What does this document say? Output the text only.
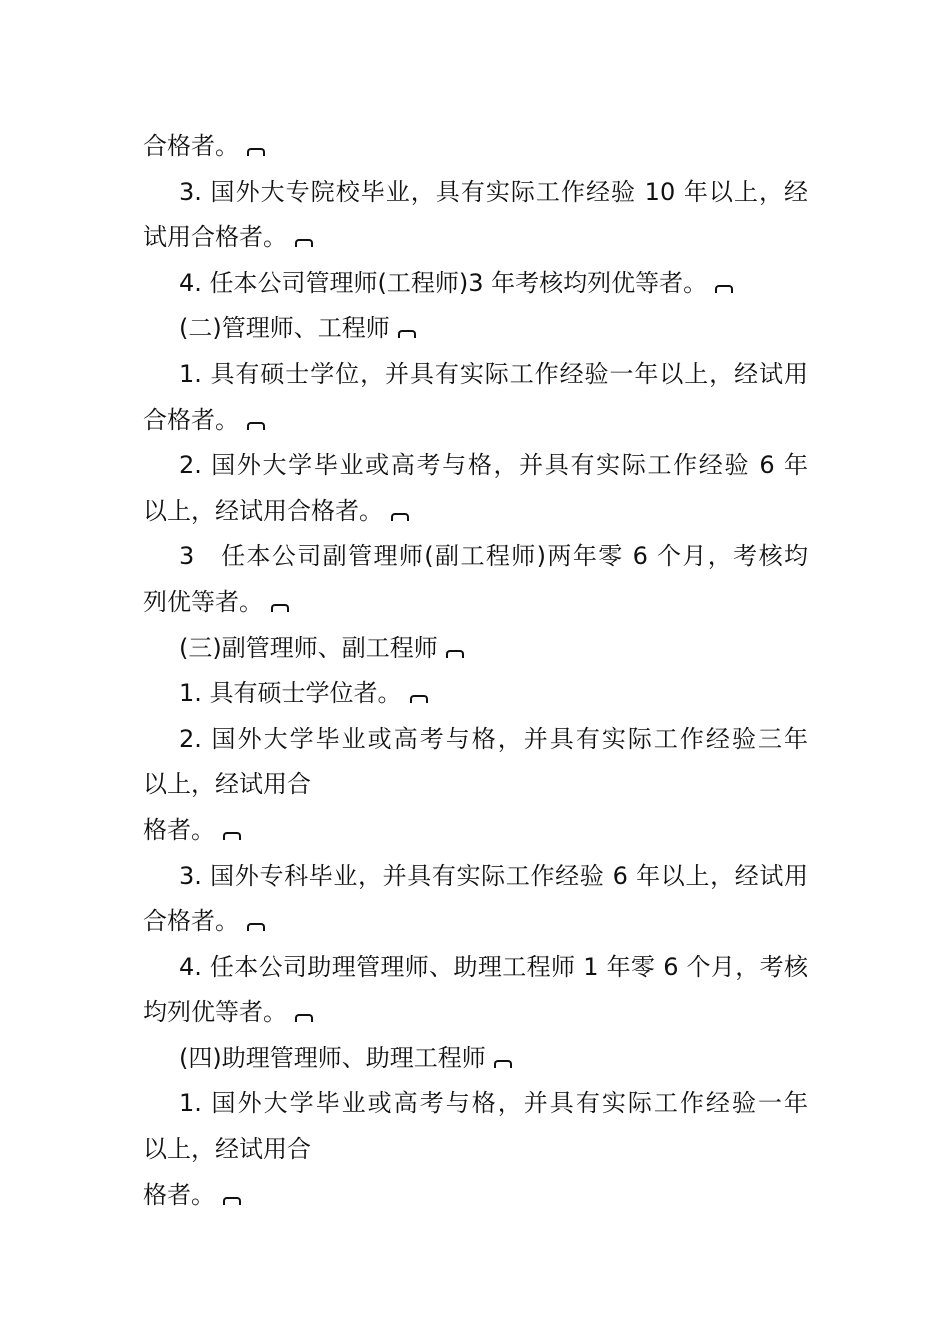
合格者。
3. 国外大专院校毕业，具有实际工作经验 10 年以上，经
试用合格者。
4. 任本公司管理师(工程师)3 年考核均列优等者。
(二)管理师、工程师
1. 具有硕士学位，并具有实际工作经验一年以上，经试用
合格者。
2. 国外大学毕业或高考与格，并具有实际工作经验 6 年
以上，经试用合格者。
3　任本公司副管理师(副工程师)两年零 6 个月，考核均
列优等者。
(三)副管理师、副工程师
1. 具有硕士学位者。
2. 国外大学毕业或高考与格，并具有实际工作经验三年
以上，经试用合
格者。
3. 国外专科毕业，并具有实际工作经验 6 年以上，经试用
合格者。
4. 任本公司助理管理师、助理工程师 1 年零 6 个月，考核
均列优等者。
(四)助理管理师、助理工程师
1. 国外大学毕业或高考与格，并具有实际工作经验一年
以上，经试用合
格者。
